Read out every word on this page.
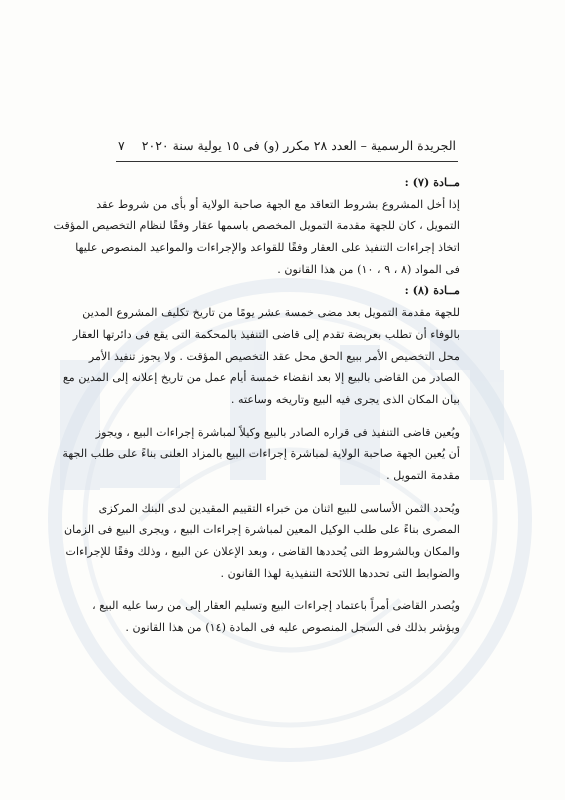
الجريدة الرسمية – العدد ٢٨ مكرر (و) فى ١٥ يولية سنة ٢٠٢٠
٧
مــادة (٧) :
إذا أخل المشروع بشروط التعاقد مع الجهة صاحبة الولاية أو بأى من شروط عقد
التمويل ، كان للجهة مقدمة التمويل المخصص باسمها عقار وفقًا لنظام التخصيص المؤقت
اتخاذ إجراءات التنفيذ على العقار وفقًا للقواعد والإجراءات والمواعيد المنصوص عليها
فى المواد (٨ ، ٩ ، ١٠) من هذا القانون .
مــادة (٨) :
للجهة مقدمة التمويل بعد مضى خمسة عشر يومًا من تاريخ تكليف المشروع المدين
بالوفاء أن تطلب بعريضة تقدم إلى قاضى التنفيذ بالمحكمة التى يقع فى دائرتها العقار
محل التخصيص الأمر ببيع الحق محل عقد التخصيص المؤقت . ولا يجوز تنفيذ الأمر
الصادر من القاضى بالبيع إلا بعد انقضاء خمسة أيام عمل من تاريخ إعلانه إلى المدين مع
بيان المكان الذى يجرى فيه البيع وتاريخه وساعته .
ويُعين قاضى التنفيذ فى قراره الصادر بالبيع وكيلاً لمباشرة إجراءات البيع ، ويجوز
أن يُعين الجهة صاحبة الولاية لمباشرة إجراءات البيع بالمزاد العلنى بناءً على طلب الجهة
مقدمة التمويل .
ويُحدد الثمن الأساسى للبيع اثنان من خبراء التقييم المقيدين لدى البنك المركزى
المصرى بناءً على طلب الوكيل المعين لمباشرة إجراءات البيع ، ويجرى البيع فى الزمان
والمكان وبالشروط التى يُحددها القاضى ، وبعد الإعلان عن البيع ، وذلك وفقًا للإجراءات
والضوابط التى تحددها اللائحة التنفيذية لهذا القانون .
ويُصدر القاضى أمراً باعتماد إجراءات البيع وتسليم العقار إلى من رسا عليه البيع ،
ويؤشر بذلك فى السجل المنصوص عليه فى المادة (١٤) من هذا القانون .
